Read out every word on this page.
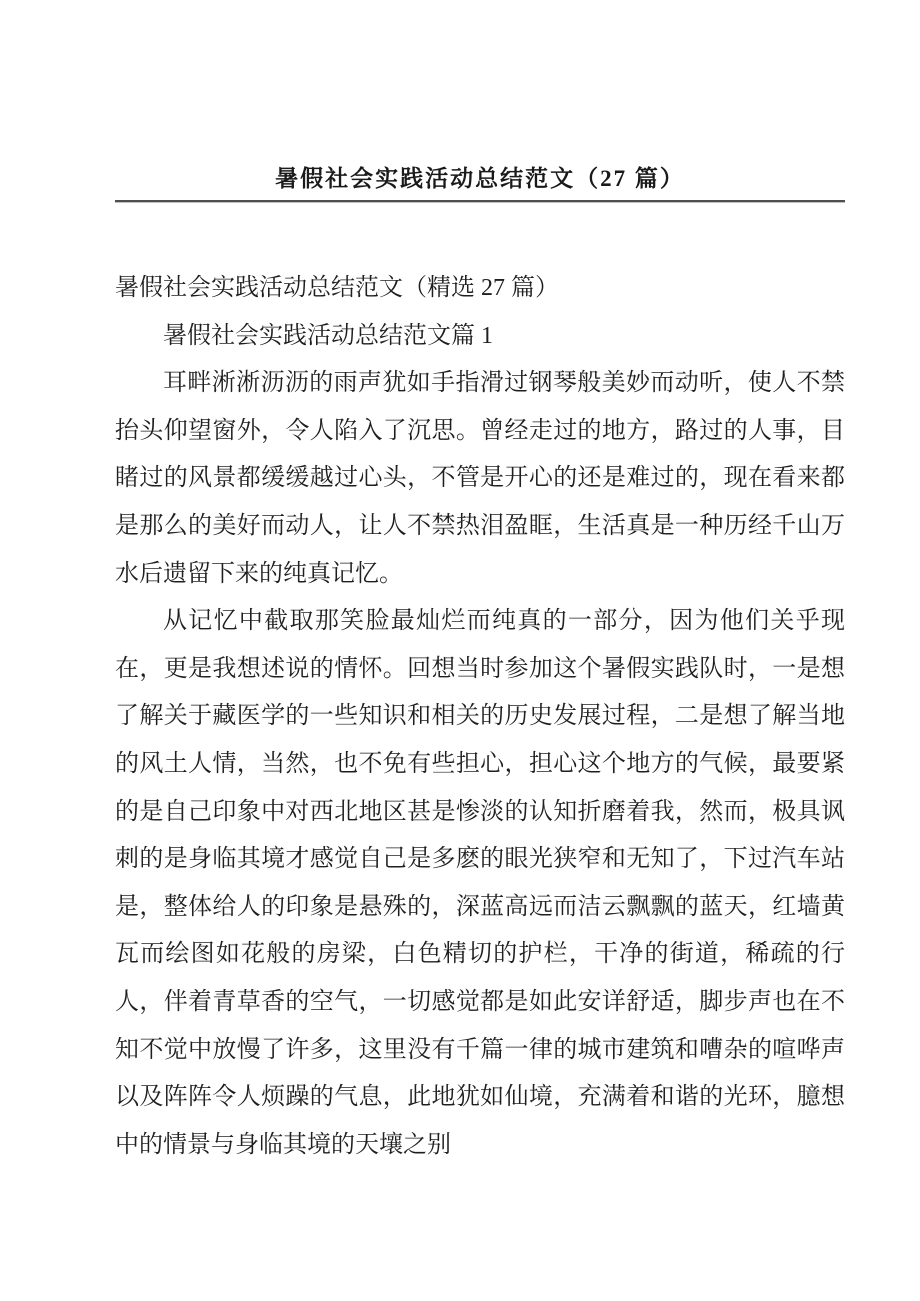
暑假社会实践活动总结范文（27 篇）

暑假社会实践活动总结范文（精选 27 篇）

暑假社会实践活动总结范文篇 1

耳畔淅淅沥沥的雨声犹如手指滑过钢琴般美妙而动听，使人不禁抬头仰望窗外，令人陷入了沉思。曾经走过的地方，路过的人事，目睹过的风景都缓缓越过心头，不管是开心的还是难过的，现在看来都是那么的美好而动人，让人不禁热泪盈眶，生活真是一种历经千山万水后遗留下来的纯真记忆。

从记忆中截取那笑脸最灿烂而纯真的一部分，因为他们关乎现在，更是我想述说的情怀。回想当时参加这个暑假实践队时，一是想了解关于藏医学的一些知识和相关的历史发展过程，二是想了解当地的风土人情，当然，也不免有些担心，担心这个地方的气候，最要紧的是自己印象中对西北地区甚是惨淡的认知折磨着我，然而，极具讽刺的是身临其境才感觉自己是多麽的眼光狭窄和无知了，下过汽车站是，整体给人的印象是悬殊的，深蓝高远而洁云飘飘的蓝天，红墙黄瓦而绘图如花般的房梁，白色精切的护栏，干净的街道，稀疏的行人，伴着青草香的空气，一切感觉都是如此安详舒适，脚步声也在不知不觉中放慢了许多，这里没有千篇一律的城市建筑和嘈杂的喧哗声以及阵阵令人烦躁的气息，此地犹如仙境，充满着和谐的光环，臆想中的情景与身临其境的天壤之别
